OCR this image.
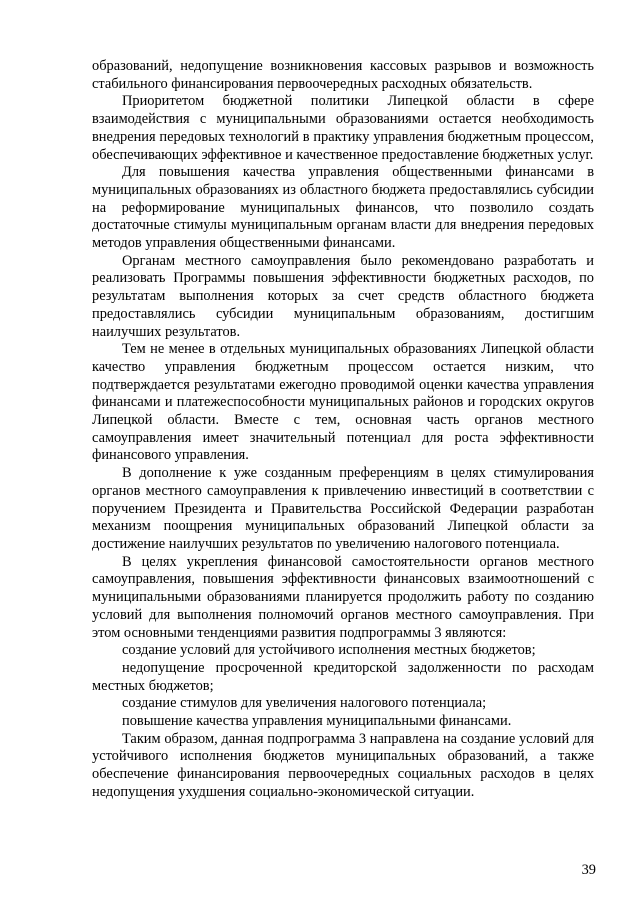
образований, недопущение возникновения кассовых разрывов и возможность стабильного финансирования первоочередных расходных обязательств.

Приоритетом бюджетной политики Липецкой области в сфере взаимодействия с муниципальными образованиями остается необходимость внедрения передовых технологий в практику управления бюджетным процессом, обеспечивающих эффективное и качественное предоставление бюджетных услуг.

Для повышения качества управления общественными финансами в муниципальных образованиях из областного бюджета предоставлялись субсидии на реформирование муниципальных финансов, что позволило создать достаточные стимулы муниципальным органам власти для внедрения передовых методов управления общественными финансами.

Органам местного самоуправления было рекомендовано разработать и реализовать Программы повышения эффективности бюджетных расходов, по результатам выполнения которых за счет средств областного бюджета предоставлялись субсидии муниципальным образованиям, достигшим наилучших результатов.

Тем не менее в отдельных муниципальных образованиях Липецкой области качество управления бюджетным процессом остается низким, что подтверждается результатами ежегодно проводимой оценки качества управления финансами и платежеспособности муниципальных районов и городских округов Липецкой области. Вместе с тем, основная часть органов местного самоуправления имеет значительный потенциал для роста эффективности финансового управления.

В дополнение к уже созданным преференциям в целях стимулирования органов местного самоуправления к привлечению инвестиций в соответствии с поручением Президента и Правительства Российской Федерации разработан механизм поощрения муниципальных образований Липецкой области за достижение наилучших результатов по увеличению налогового потенциала.

В целях укрепления финансовой самостоятельности органов местного самоуправления, повышения эффективности финансовых взаимоотношений с муниципальными образованиями планируется продолжить работу по созданию условий для выполнения полномочий органов местного самоуправления. При этом основными тенденциями развития подпрограммы 3 являются:

создание условий для устойчивого исполнения местных бюджетов;

недопущение просроченной кредиторской задолженности по расходам местных бюджетов;

создание стимулов для увеличения налогового потенциала;

повышение качества управления муниципальными финансами.

Таким образом, данная подпрограмма 3 направлена на создание условий для устойчивого исполнения бюджетов муниципальных образований, а также обеспечение финансирования первоочередных социальных расходов в целях недопущения ухудшения социально-экономической ситуации.

39
